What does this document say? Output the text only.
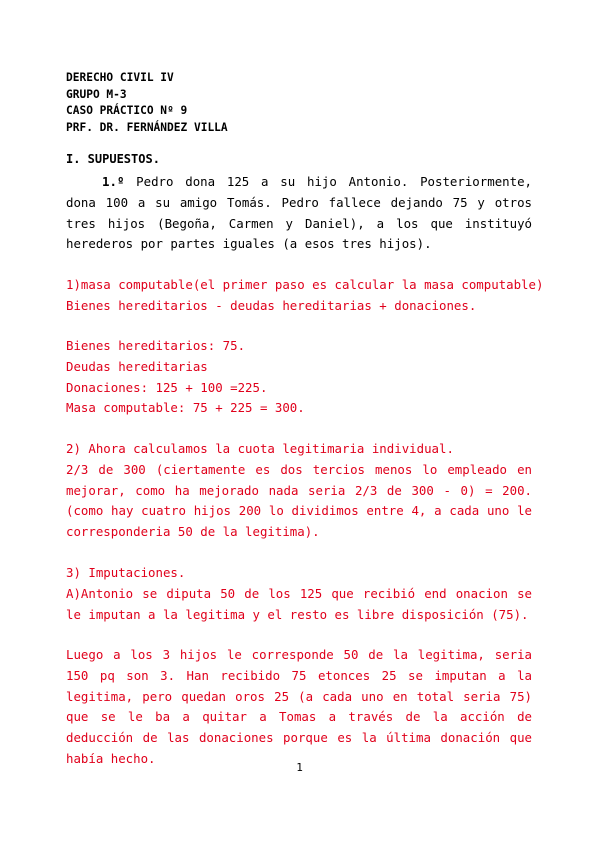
DERECHO CIVIL IV
GRUPO M-3
CASO PRÁCTICO Nº 9
PRF. DR. FERNÁNDEZ VILLA
I. SUPUESTOS.
1.º Pedro dona 125 a su hijo Antonio. Posteriormente, dona 100 a su amigo Tomás. Pedro fallece dejando 75 y otros tres hijos (Begoña, Carmen y Daniel), a los que instituyó herederos por partes iguales (a esos tres hijos).
1)masa computable(el primer paso es calcular la masa computable)
Bienes hereditarios - deudas hereditarias + donaciones.
Bienes hereditarios: 75.
Deudas hereditarias
Donaciones: 125 + 100 =225.
Masa computable: 75 + 225 = 300.
2) Ahora calculamos la cuota legitimaria individual.
2/3 de 300 (ciertamente es dos tercios menos lo empleado en mejorar, como ha mejorado nada seria 2/3 de 300 - 0) = 200. (como hay cuatro hijos 200 lo dividimos entre 4, a cada uno le corresponderia 50 de la legitima).
3) Imputaciones.
A)Antonio se diputa 50 de los 125 que recibió end onacion se le imputan a la legitima y el resto es libre disposición (75).
Luego a los 3 hijos le corresponde 50 de la legitima, seria 150 pq son 3. Han recibido 75 etonces 25 se imputan a la legitima, pero quedan oros 25 (a cada uno en total seria 75) que se le ba a quitar a Tomas a través de la acción de deducción de las donaciones porque es la última donación que había hecho.
1
